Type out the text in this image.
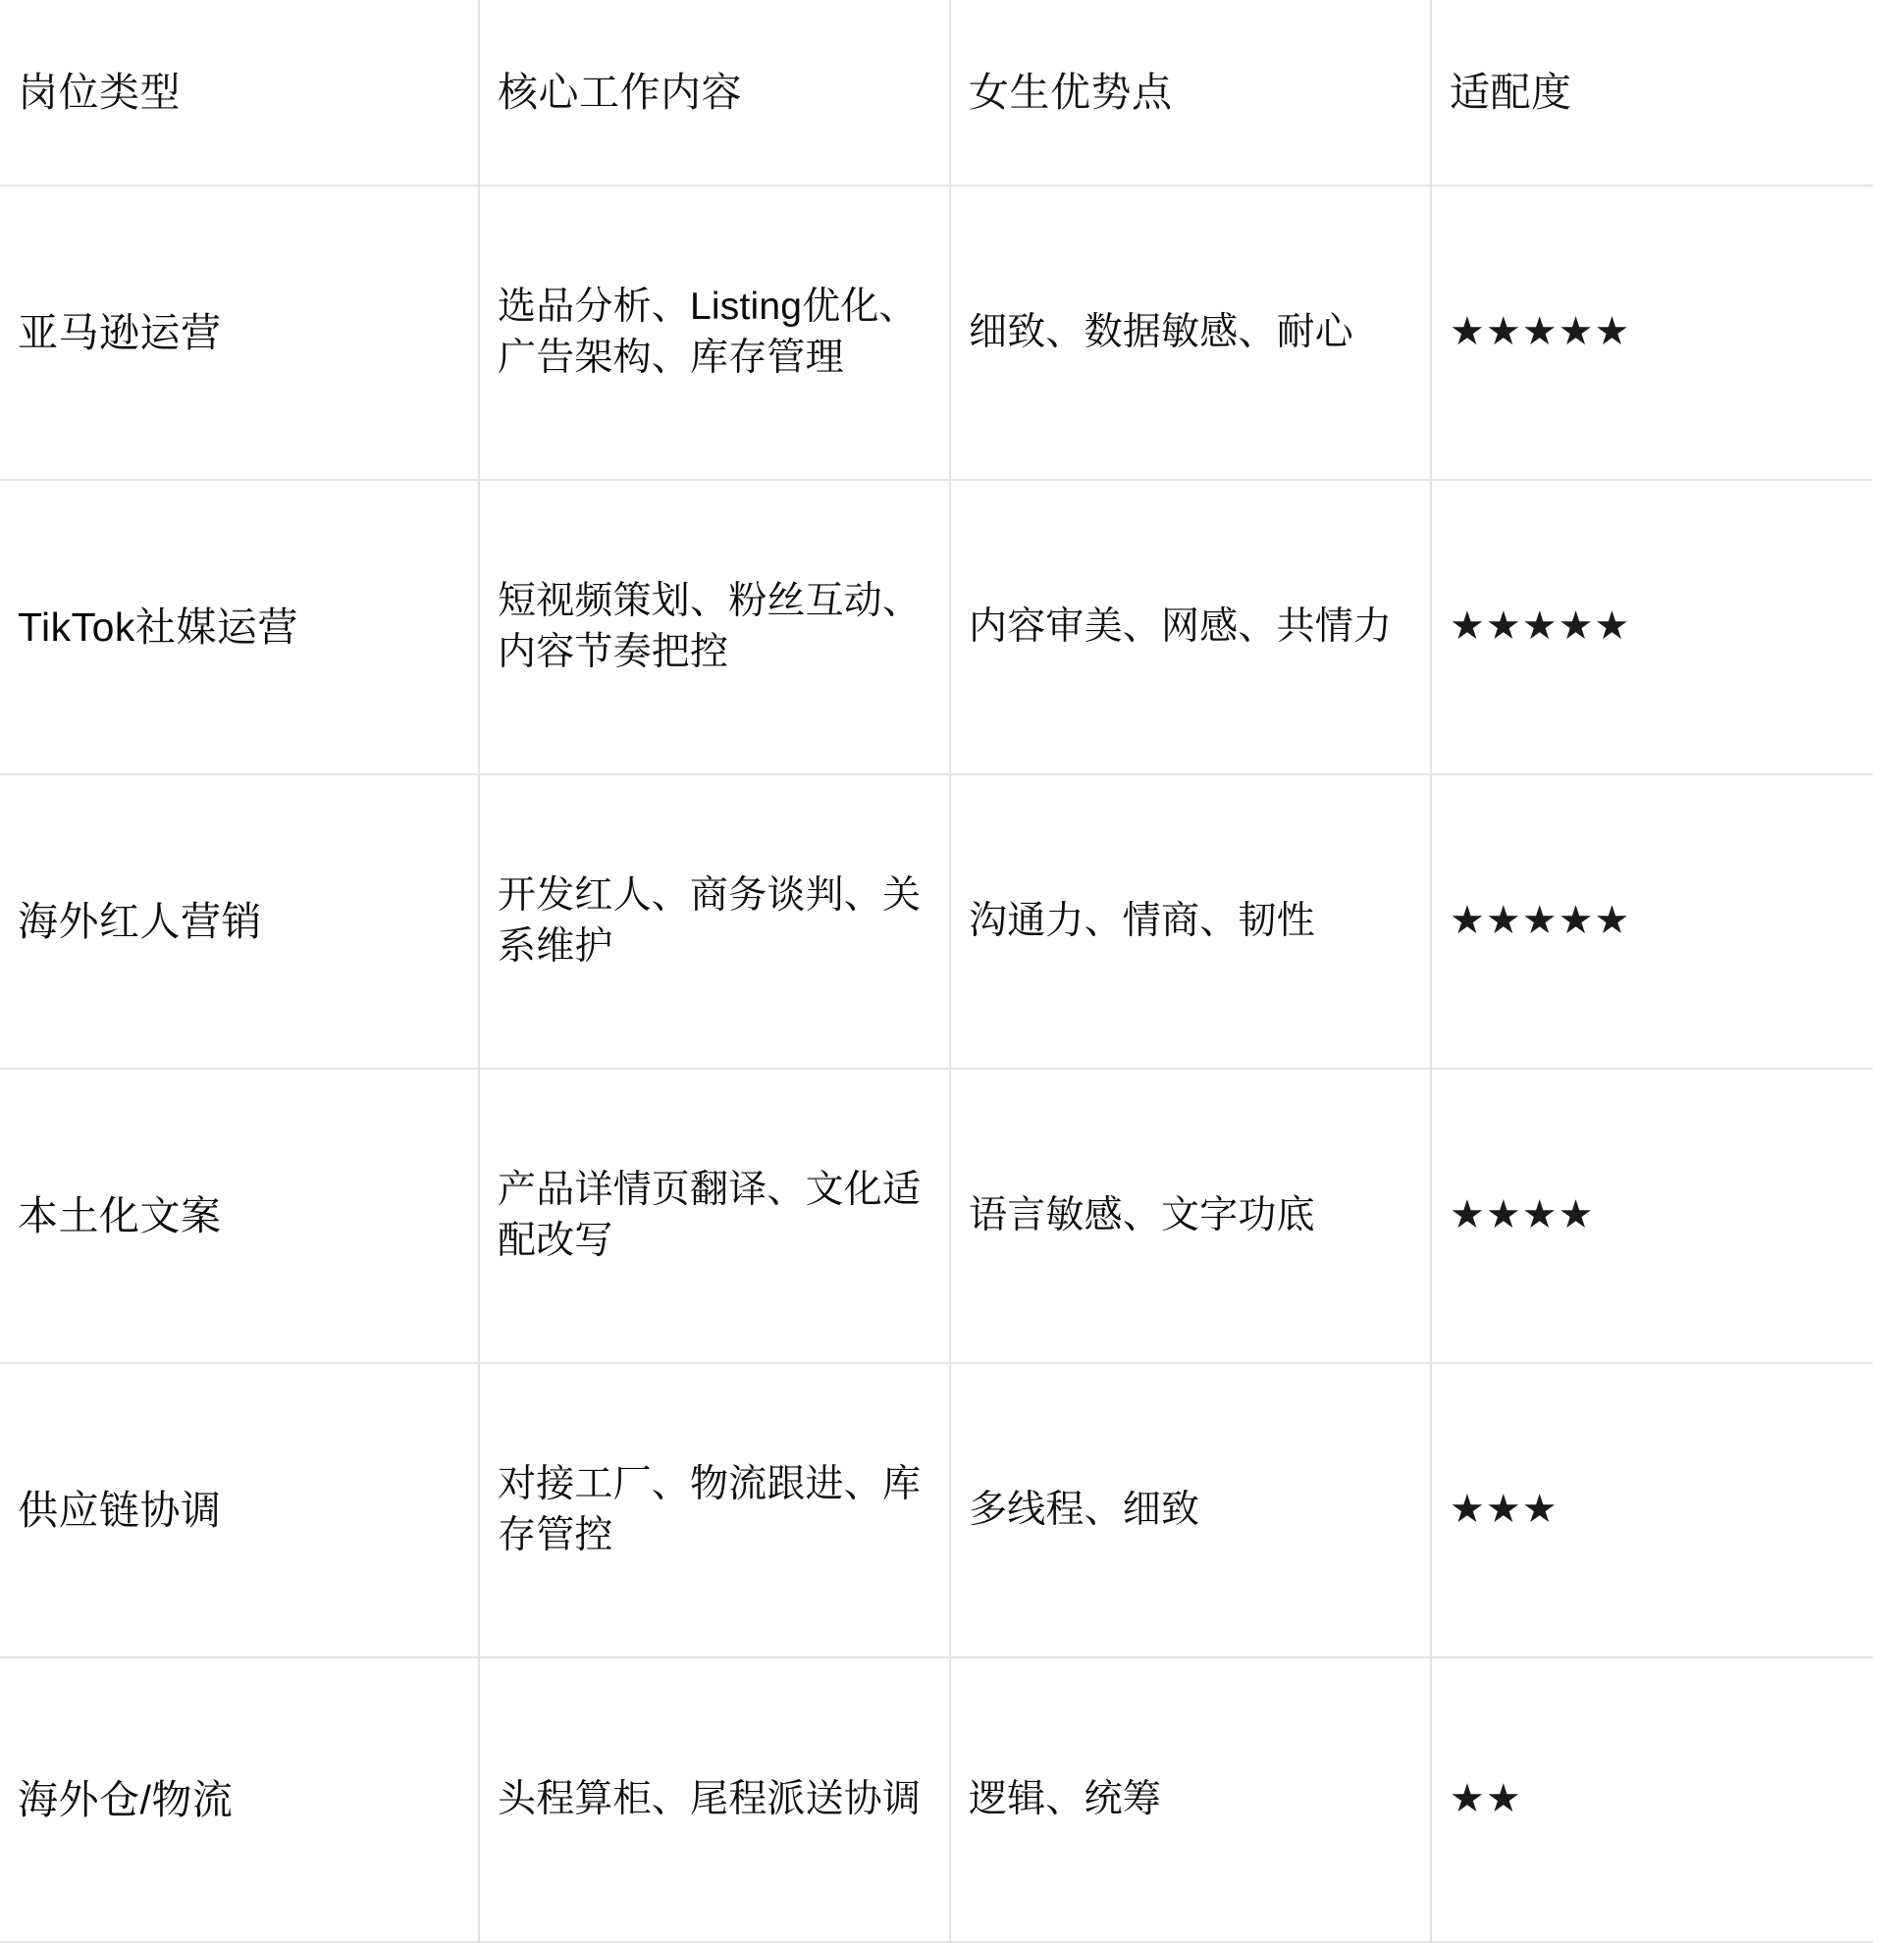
岗位类型	核心工作内容	女生优势点	适配度
亚马逊运营	选品分析、Listing优化、广告架构、库存管理	细致、数据敏感、耐心	★★★★★
TikTok社媒运营	短视频策划、粉丝互动、内容节奏把控	内容审美、网感、共情力	★★★★★
海外红人营销	开发红人、商务谈判、关系维护	沟通力、情商、韧性	★★★★★
本土化文案	产品详情页翻译、文化适配改写	语言敏感、文字功底	★★★★
供应链协调	对接工厂、物流跟进、库存管控	多线程、细致	★★★
海外仓/物流	头程算柜、尾程派送协调	逻辑、统筹	★★
